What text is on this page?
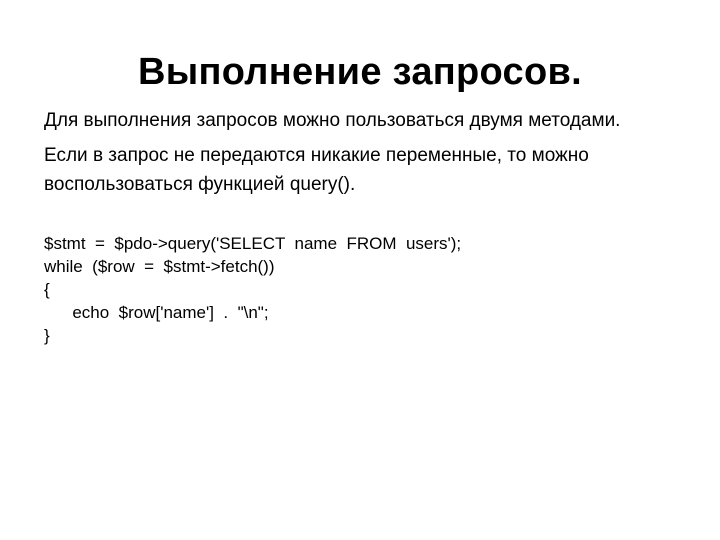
Выполнение запросов.

Для выполнения запросов можно пользоваться двумя методами.

Если в запрос не передаются никакие переменные, то можно воспользоваться функцией query().

$stmt  =  $pdo->query('SELECT  name  FROM  users');
while  ($row  =  $stmt->fetch())
{
echo  $row['name']  .  "\n";
}
